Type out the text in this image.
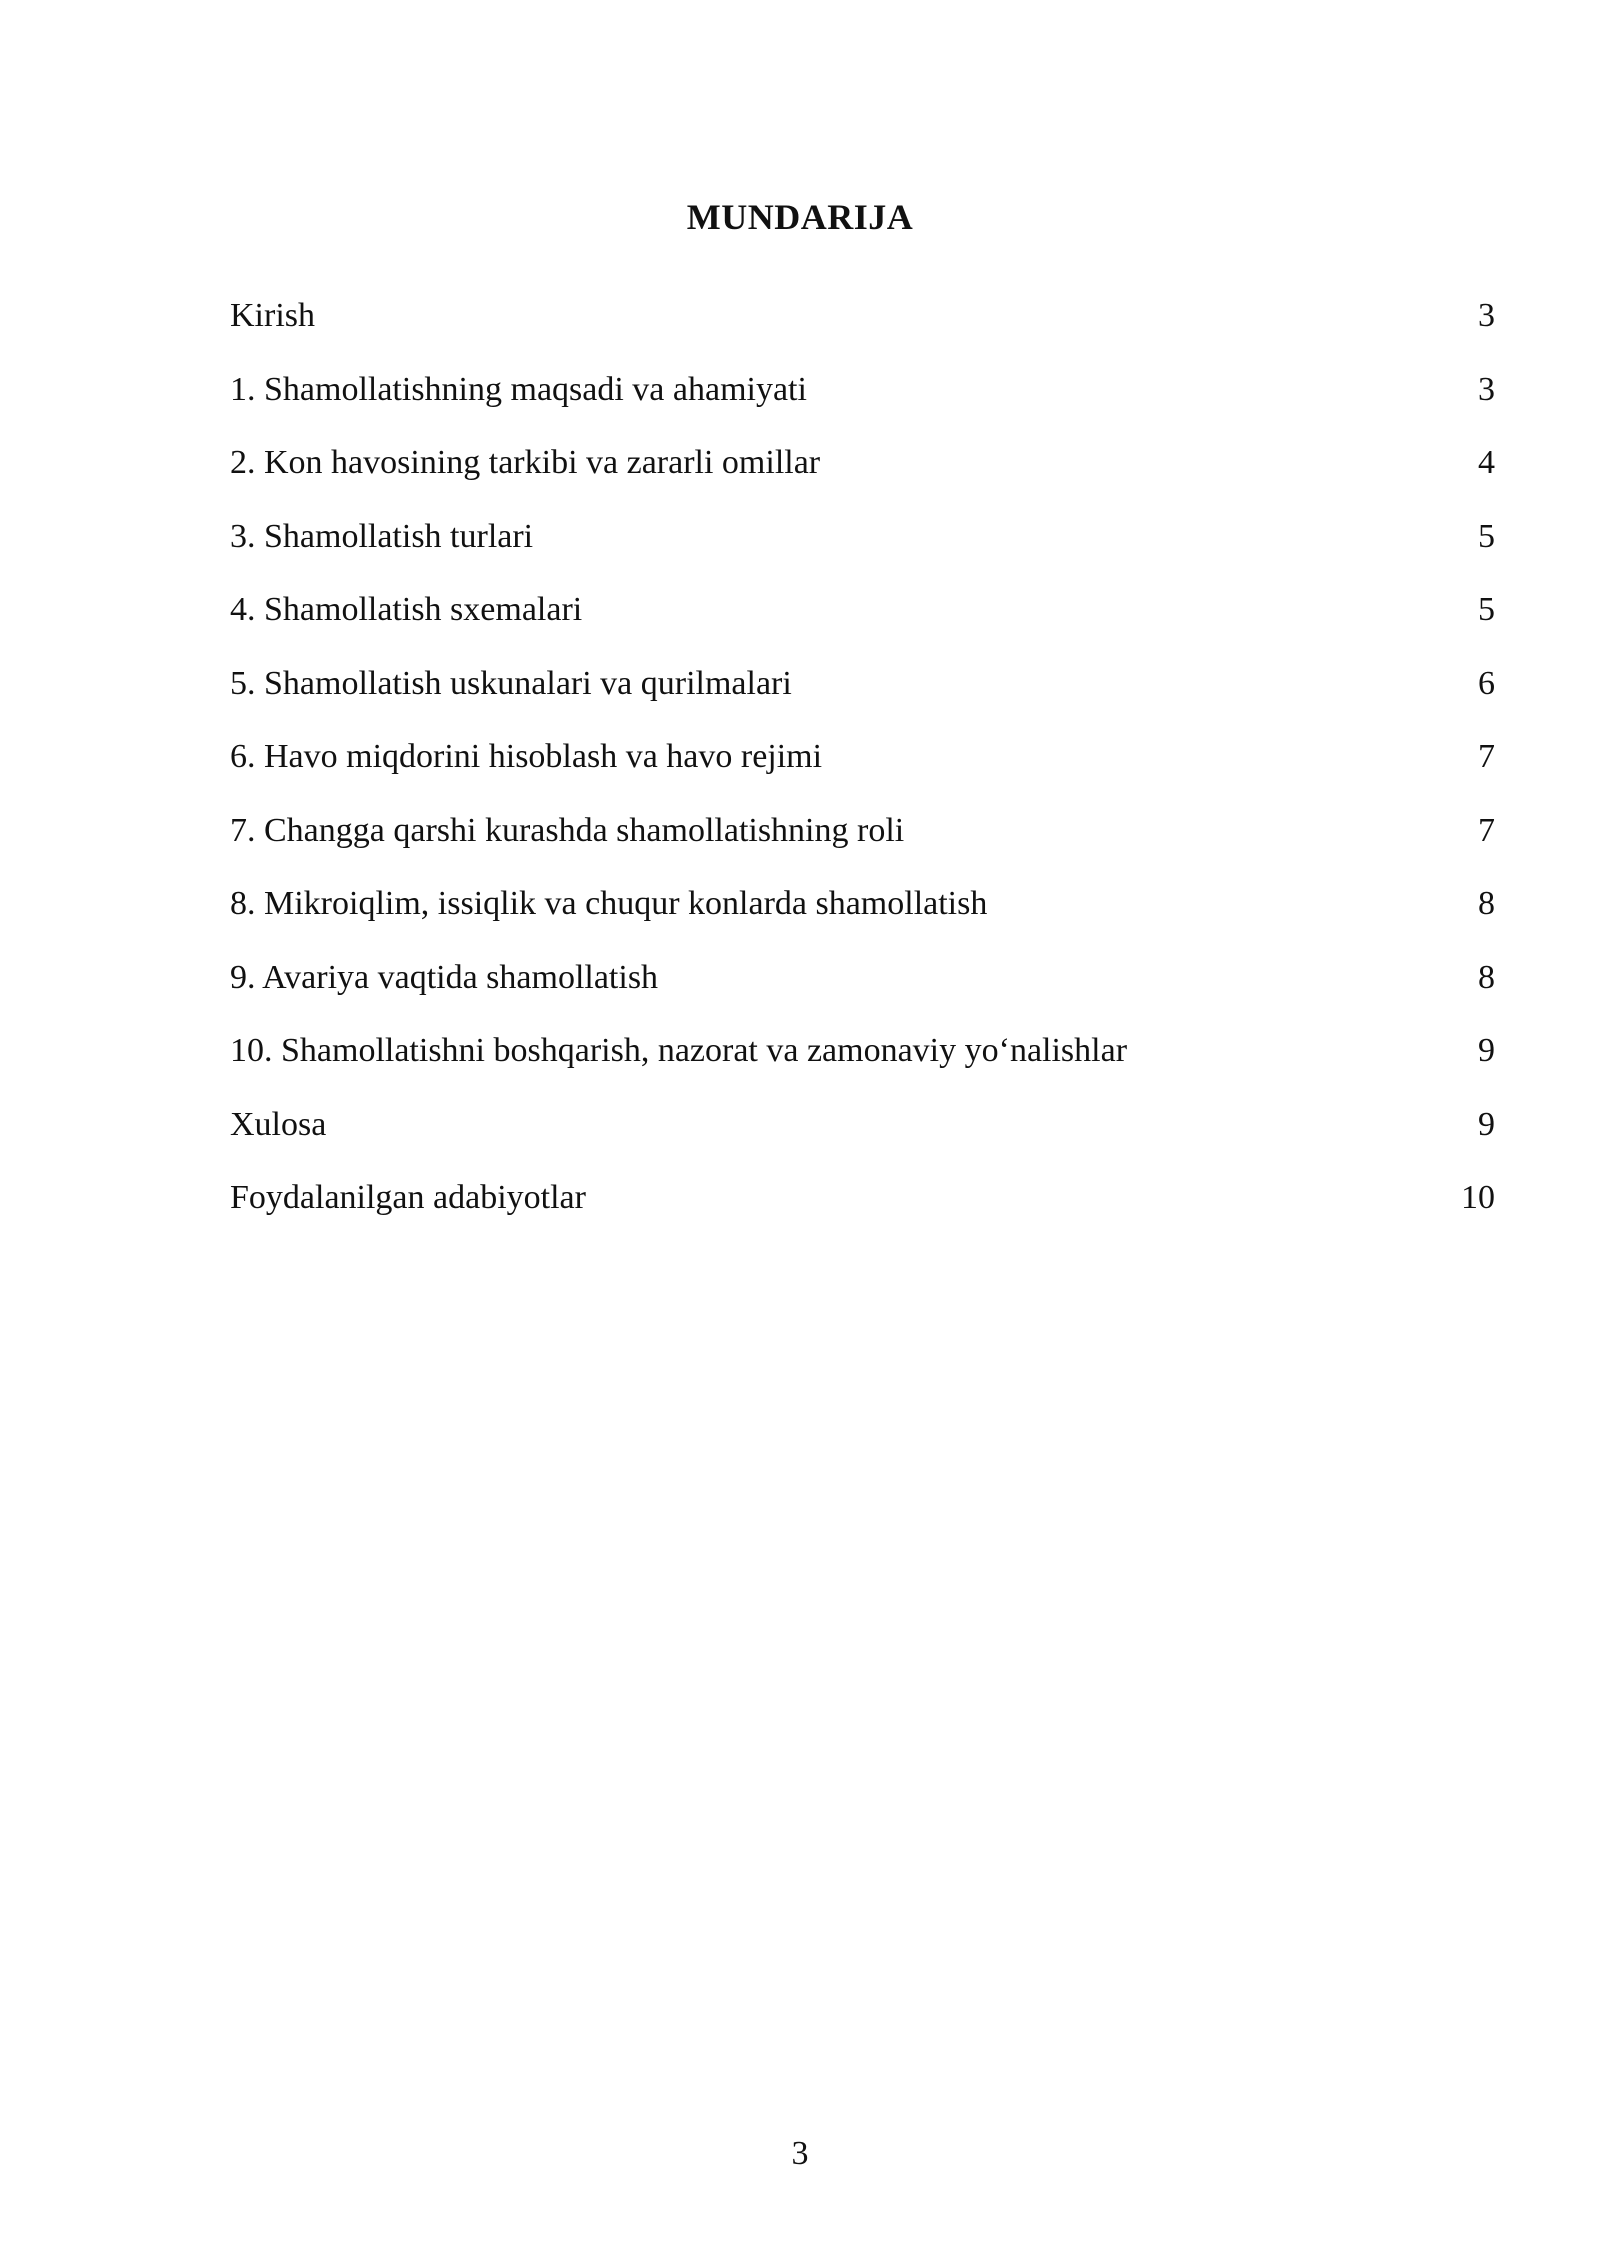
MUNDARIJA
Kirish	3
1. Shamollatishning maqsadi va ahamiyati	3
2. Kon havosining tarkibi va zararli omillar	4
3. Shamollatish turlari	5
4. Shamollatish sxemalari	5
5. Shamollatish uskunalari va qurilmalari	6
6. Havo miqdorini hisoblash va havo rejimi	7
7. Changga qarshi kurashda shamollatishning roli	7
8. Mikroiqlim, issiqlik va chuqur konlarda shamollatish	8
9. Avariya vaqtida shamollatish	8
10. Shamollatishni boshqarish, nazorat va zamonaviy yo‘nalishlar	9
Xulosa	9
Foydalanilgan adabiyotlar	10
3
